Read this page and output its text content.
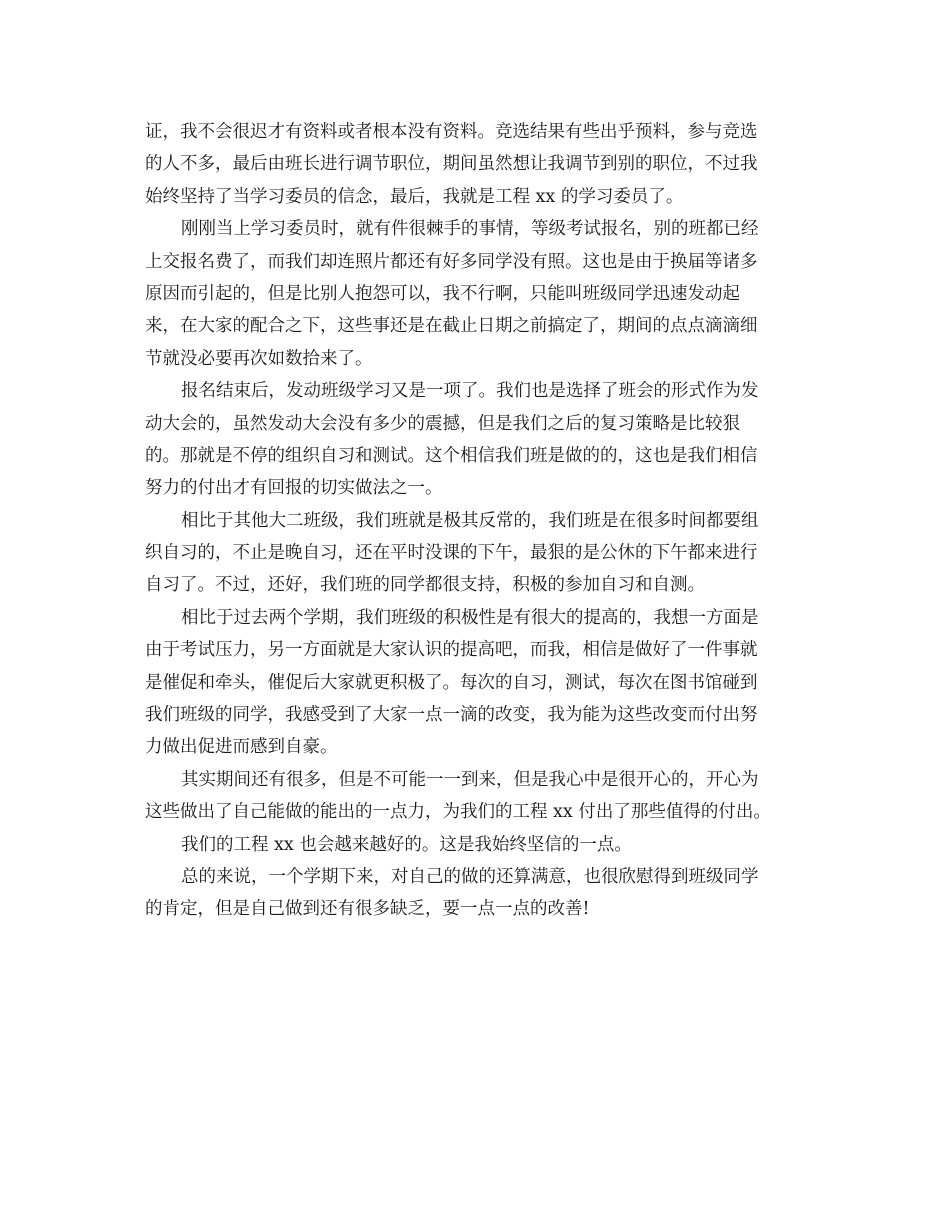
证，我不会很迟才有资料或者根本没有资料。竞选结果有些出乎预料，参与竞选

的人不多，最后由班长进行调节职位，期间虽然想让我调节到别的职位，不过我

始终坚持了当学习委员的信念，最后，我就是工程 xx 的学习委员了。

刚刚当上学习委员时，就有件很棘手的事情，等级考试报名，别的班都已经

上交报名费了，而我们却连照片都还有好多同学没有照。这也是由于换届等诸多

原因而引起的，但是比别人抱怨可以，我不行啊，只能叫班级同学迅速发动起

来，在大家的配合之下，这些事还是在截止日期之前搞定了，期间的点点滴滴细

节就没必要再次如数拾来了。

报名结束后，发动班级学习又是一项了。我们也是选择了班会的形式作为发

动大会的，虽然发动大会没有多少的震撼，但是我们之后的复习策略是比较狠

的。那就是不停的组织自习和测试。这个相信我们班是做的的，这也是我们相信

努力的付出才有回报的切实做法之一。

相比于其他大二班级，我们班就是极其反常的，我们班是在很多时间都要组

织自习的，不止是晚自习，还在平时没课的下午，最狠的是公休的下午都来进行

自习了。不过，还好，我们班的同学都很支持，积极的参加自习和自测。

相比于过去两个学期，我们班级的积极性是有很大的提高的，我想一方面是

由于考试压力，另一方面就是大家认识的提高吧，而我，相信是做好了一件事就

是催促和牵头，催促后大家就更积极了。每次的自习，测试，每次在图书馆碰到

我们班级的同学，我感受到了大家一点一滴的改变，我为能为这些改变而付出努

力做出促进而感到自豪。

其实期间还有很多，但是不可能一一到来，但是我心中是很开心的，开心为

这些做出了自己能做的能出的一点力，为我们的工程 xx 付出了那些值得的付出。

我们的工程 xx 也会越来越好的。这是我始终坚信的一点。

总的来说，一个学期下来，对自己的做的还算满意，也很欣慰得到班级同学

的肯定，但是自己做到还有很多缺乏，要一点一点的改善!
